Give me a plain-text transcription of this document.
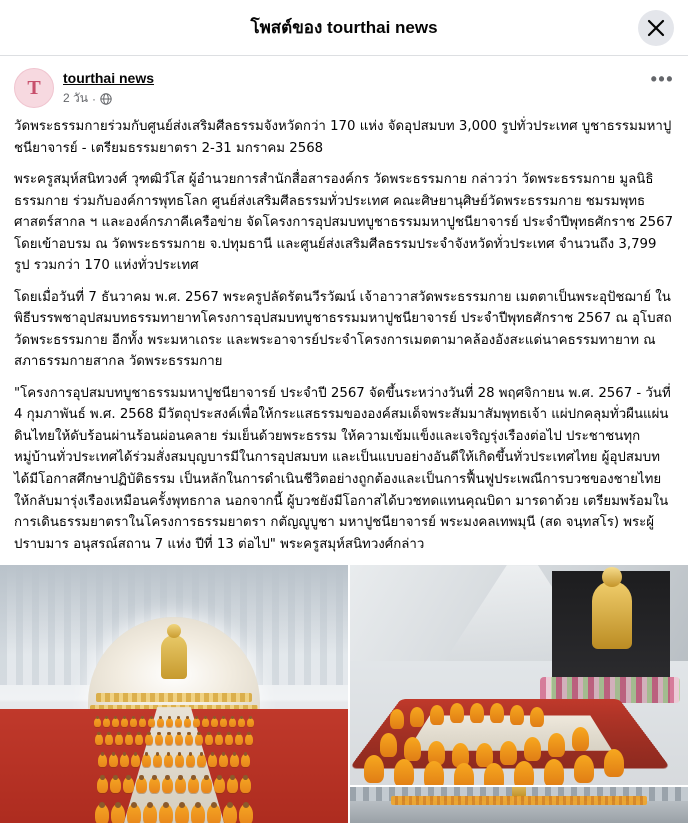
โพสต์ของ tourthai news
T	tourthai news
2 วัน ·
•••

วัดพระธรรมกายร่วมกับศูนย์ส่งเสริมศีลธรรมจังหวัดกว่า 170 แห่ง จัดอุปสมบท 3,000 รูปทั่วประเทศ บูชาธรรมมหาปูชนียาจารย์ - เตรียมธรรมยาตรา 2-31 มกราคม 2568

พระครูสมุห์สนิทวงศ์ วุฑฒิวํโส ผู้อำนวยการสำนักสื่อสารองค์กร วัดพระธรรมกาย กล่าวว่า วัดพระธรรมกาย มูลนิธิธรรมกาย ร่วมกับองค์การพุทธโลก ศูนย์ส่งเสริมศีลธรรมทั่วประเทศ คณะศิษยานุศิษย์วัดพระธรรมกาย ชมรมพุทธศาสตร์สากล ฯ และองค์กรภาคีเครือข่าย จัดโครงการอุปสมบทบูชาธรรมมหาปูชนียาจารย์ ประจำปีพุทธศักราช 2567 โดยเข้าอบรม ณ วัดพระธรรมกาย จ.ปทุมธานี และศูนย์ส่งเสริมศีลธรรมประจำจังหวัดทั่วประเทศ จำนวนถึง 3,799 รูป รวมกว่า 170 แห่งทั่วประเทศ

โดยเมื่อวันที่ 7 ธันวาคม พ.ศ. 2567 พระครูปลัดรัตนวีรวัฒน์ เจ้าอาวาสวัดพระธรรมกาย เมตตาเป็นพระอุปัชฌาย์ ในพิธีบรรพชาอุปสมบทธรรมทายาทโครงการอุปสมบทบูชาธรรมมหาปูชนียาจารย์ ประจำปีพุทธศักราช 2567 ณ อุโบสถ วัดพระธรรมกาย อีกทั้ง พระมหาเถระ และพระอาจารย์ประจำโครงการเมตตามาคล้องอังสะแด่นาคธรรมทายาท ณ สภาธรรมกายสากล วัดพระธรรมกาย

"โครงการอุปสมบทบูชาธรรมมหาปูชนียาจารย์ ประจำปี 2567 จัดขึ้นระหว่างวันที่ 28 พฤศจิกายน พ.ศ. 2567 - วันที่ 4 กุมภาพันธ์ พ.ศ. 2568 มีวัตถุประสงค์เพื่อให้กระแสธรรมขององค์สมเด็จพระสัมมาสัมพุทธเจ้า แผ่ปกคลุมทั่วผืนแผ่นดินไทยให้ดับร้อนผ่านร้อนผ่อนคลาย ร่มเย็นด้วยพระธรรม ให้ความเข้มแข็งและเจริญรุ่งเรืองต่อไป ประชาชนทุกหมู่บ้านทั่วประเทศได้ร่วมสั่งสมบุญบารมีในการอุปสมบท และเป็นแบบอย่างอันดีให้เกิดขึ้นทั่วประเทศไทย ผู้อุปสมบทได้มีโอกาสศึกษาปฏิบัติธรรม เป็นหลักในการดำเนินชีวิตอย่างถูกต้องและเป็นการฟื้นฟูประเพณีการบวชของชายไทย ให้กลับมารุ่งเรืองเหมือนครั้งพุทธกาล นอกจากนี้ ผู้บวชยังมีโอกาสได้บวชทดแทนคุณบิดา มารดาด้วย เตรียมพร้อมในการเดินธรรมยาตราในโครงการธรรมยาตรา กตัญญูบูชา มหาปูชนียาจารย์ พระมงคลเทพมุนี (สด จนฺทสโร) พระผู้ปราบมาร อนุสรณ์สถาน 7 แห่ง ปีที่ 13 ต่อไป" พระครูสมุห์สนิทวงศ์กล่าว
